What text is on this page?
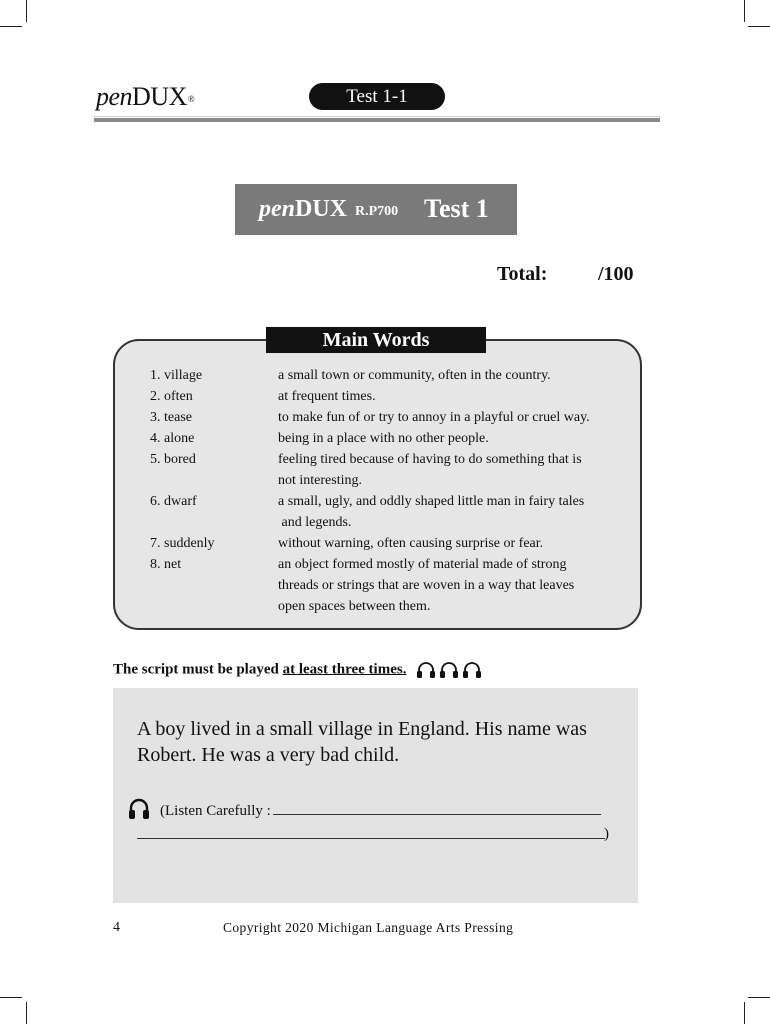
penDUX®	Test 1-1
penDUX R.P700 Test 1
Total:	/100
Main Words
1. village	a small town or community, often in the country.
2. often	at frequent times.
3. tease	to make fun of or try to annoy in a playful or cruel way.
4. alone	being in a place with no other people.
5. bored	feeling tired because of having to do something that is
not interesting.
6. dwarf	a small, ugly, and oddly shaped little man in fairy tales
and legends.
7. suddenly	without warning, often causing surprise or fear.
8. net	an object formed mostly of material made of strong
threads or strings that are woven in a way that leaves
open spaces between them.
The script must be played at least three times.
A boy lived in a small village in England. His name was
Robert. He was a very bad child.
(Listen Carefully :
)
4	Copyright 2020 Michigan Language Arts Pressing
